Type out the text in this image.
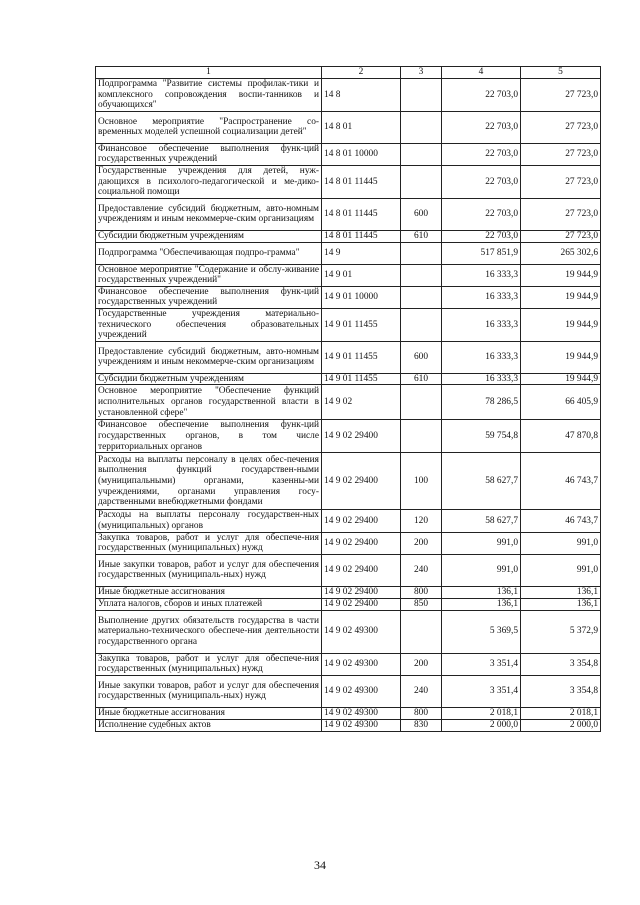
1	2	3	4	5
Подпрограмма "Развитие системы профилак-тики и комплексного сопровождения воспи-танников и обучающихся"	14 8		22 703,0	27 723,0
Основное мероприятие "Распространение со-временных моделей успешной социализации детей"	14 8 01		22 703,0	27 723,0
Финансовое обеспечение выполнения функ-ций государственных учреждений	14 8 01 10000		22 703,0	27 723,0
Государственные учреждения для детей, нуж-дающихся в психолого-педагогической и ме-дико-социальной помощи	14 8 01 11445		22 703,0	27 723,0
Предоставление субсидий бюджетным, авто-номным учреждениям и иным некоммерче-ским организациям	14 8 01 11445	600	22 703,0	27 723,0
Субсидии бюджетным учреждениям	14 8 01 11445	610	22 703,0	27 723,0
Подпрограмма "Обеспечивающая подпро-грамма"	14 9		517 851,9	265 302,6
Основное мероприятие "Содержание и обслу-живание государственных учреждений"	14 9 01		16 333,3	19 944,9
Финансовое обеспечение выполнения функ-ций государственных учреждений	14 9 01 10000		16 333,3	19 944,9
Государственные учреждения материально-технического обеспечения образовательных учреждений	14 9 01 11455		16 333,3	19 944,9
Предоставление субсидий бюджетным, авто-номным учреждениям и иным некоммерче-ским организациям	14 9 01 11455	600	16 333,3	19 944,9
Субсидии бюджетным учреждениям	14 9 01 11455	610	16 333,3	19 944,9
Основное мероприятие "Обеспечение функций исполнительных органов государственной власти в установленной сфере"	14 9 02		78 286,5	66 405,9
Финансовое обеспечение выполнения функ-ций государственных органов, в том числе территориальных органов	14 9 02 29400		59 754,8	47 870,8
Расходы на выплаты персоналу в целях обес-печения выполнения функций государствен-ными (муниципальными) органами, казенны-ми учреждениями, органами управления госу-дарственными внебюджетными фондами	14 9 02 29400	100	58 627,7	46 743,7
Расходы на выплаты персоналу государствен-ных (муниципальных) органов	14 9 02 29400	120	58 627,7	46 743,7
Закупка товаров, работ и услуг для обеспече-ния государственных (муниципальных) нужд	14 9 02 29400	200	991,0	991,0
Иные закупки товаров, работ и услуг для обеспечения государственных (муниципаль-ных) нужд	14 9 02 29400	240	991,0	991,0
Иные бюджетные ассигнования	14 9 02 29400	800	136,1	136,1
Уплата налогов, сборов и иных платежей	14 9 02 29400	850	136,1	136,1
Выполнение других обязательств государства в части материально-технического обеспече-ния деятельности государственного органа	14 9 02 49300		5 369,5	5 372,9
Закупка товаров, работ и услуг для обеспече-ния государственных (муниципальных) нужд	14 9 02 49300	200	3 351,4	3 354,8
Иные закупки товаров, работ и услуг для обеспечения государственных (муниципаль-ных) нужд	14 9 02 49300	240	3 351,4	3 354,8
Иные бюджетные ассигнования	14 9 02 49300	800	2 018,1	2 018,1
Исполнение судебных актов	14 9 02 49300	830	2 000,0	2 000,0
34
